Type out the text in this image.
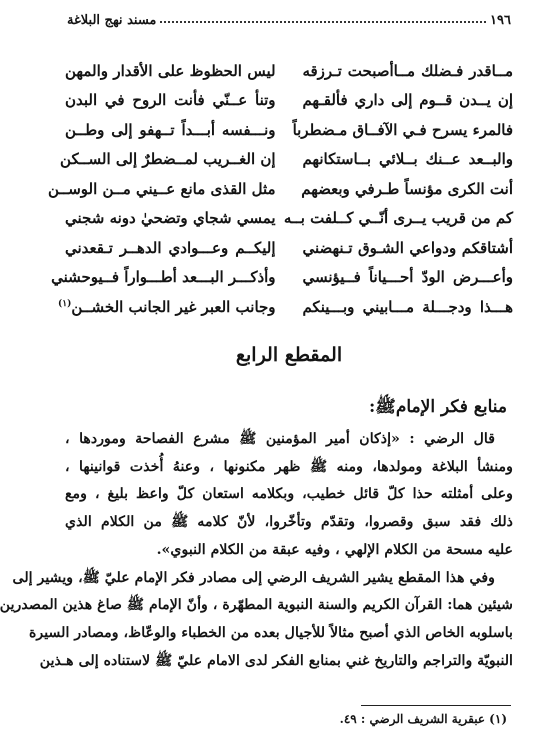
١٩٦
مسند نهج البلاغة
مــاقدر فـضلك مــاأصبحت تـرزقه
ليس الحظوظ على الأقدار والمهن
إن يــدن قــوم إلى داري فألقـهم
وتنأ عــنّي فأنت الروح في البدن
فالمرء يسرح فـي الآفــاق مـضطرباً
ونـــفسه أبـــداً تــهفو إلى وطــن
والبــعد عــنك بــلائي بــاستكانهم
إن الغــريب لمــضطرٌ إلى الســكن
أنت الكرى مؤنساً طـرفي وبعضهم
مثل القذى مانع عــيني مــن الوســن
كم من قريب يــرى أنّــي كــلفت بــه
يمسي شجاي وتضحيٰ دونه شجني
أشتاقكم ودواعي الشـوق تـنهضني
إليكــم وعـــوادي الدهــر تـقعدني
وأعـــرض الودّ أحـــياناً فــيؤنسي
وأذكـــر البـــعد أطـــواراً فــيوحشني
هـــذا ودجـــلة مـــابيني وبـــينكم
وجانب العبر غير الجانب الخشــن$^{(١)}$
المقطع الرابع
منابع فكر الإمامﷺ:

قال الرضي : «إذكان أمير المؤمنين ﷺ مشرع الفصاحة وموردها ،

ومنشأ البلاغة ومولدها، ومنه ﷺ ظهر مكنونها ، وعنهُ أُخذت قوانينها ،

وعلى أمثلته حذا كلّ قائل خطيب، وبكلامه استعان كلّ واعظ بليغ ، ومع

ذلك فقد سبق وقصروا، وتقدّم وتأخّروا، لأنّ كلامه ﷺ من الكلام الذي

عليه مسحة من الكلام الإلهي ، وفيه عبقة من الكلام النبوي».

وفي هذا المقطع يشير الشريف الرضي إلى مصادر فكر الإمام عليّ ﷺ، ويشير إلى

شيئين هما: القرآن الكريم والسنة النبوية المطهّرة ، وأنّ الإمام ﷺ صاغ هذين المصدرين

باسلوبه الخاص الذي أصبح مثالاً للأجيال بعده من الخطباء والوعّاظ، ومصادر السيرة

النبويّة والتراجم والتاريخ غني بمنابع الفكر لدى الامام عليّ ﷺ لاستناده إلى هـذين

(١) عبقرية الشريف الرضي : ٤٩.
